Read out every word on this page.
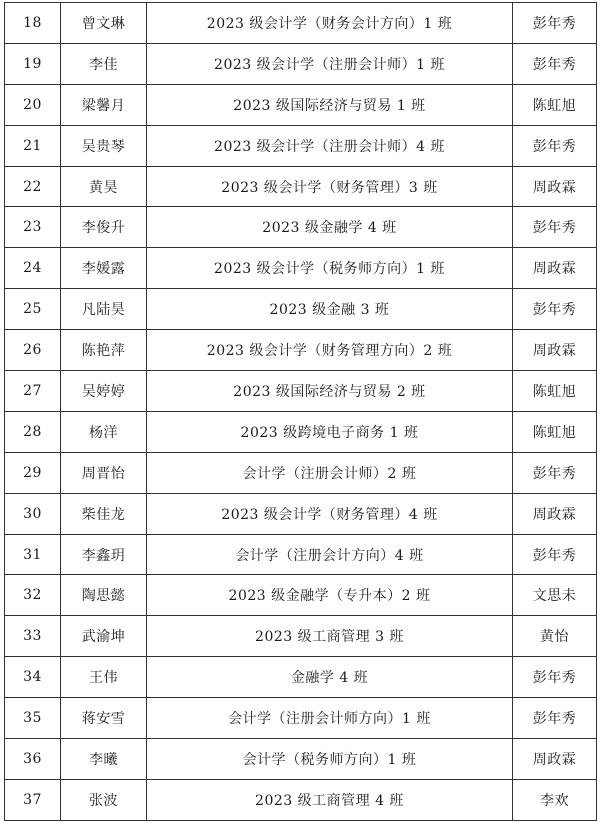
18	曾文琳	2023 级会计学（财务会计方向）1 班	彭年秀
19	李佳	2023 级会计学（注册会计师）1 班	彭年秀
20	梁馨月	2023 级国际经济与贸易 1 班	陈虹旭
21	吴贵琴	2023 级会计学（注册会计师）4 班	彭年秀
22	黄昊	2023 级会计学（财务管理）3 班	周政霖
23	李俊升	2023 级金融学 4 班	彭年秀
24	李媛露	2023 级会计学（税务师方向）1 班	周政霖
25	凡陆昊	2023 级金融 3 班	彭年秀
26	陈艳萍	2023 级会计学（财务管理方向）2 班	周政霖
27	吴婷婷	2023 级国际经济与贸易 2 班	陈虹旭
28	杨洋	2023 级跨境电子商务 1 班	陈虹旭
29	周晋怡	会计学（注册会计师）2 班	彭年秀
30	柴佳龙	2023 级会计学（财务管理）4 班	周政霖
31	李鑫玥	会计学（注册会计方向）4 班	彭年秀
32	陶思懿	2023 级金融学（专升本）2 班	文思未
33	武渝坤	2023 级工商管理 3 班	黄怡
34	王伟	金融学 4 班	彭年秀
35	蒋安雪	会计学（注册会计师方向）1 班	彭年秀
36	李曦	会计学（税务师方向）1 班	周政霖
37	张波	2023 级工商管理 4 班	李欢
